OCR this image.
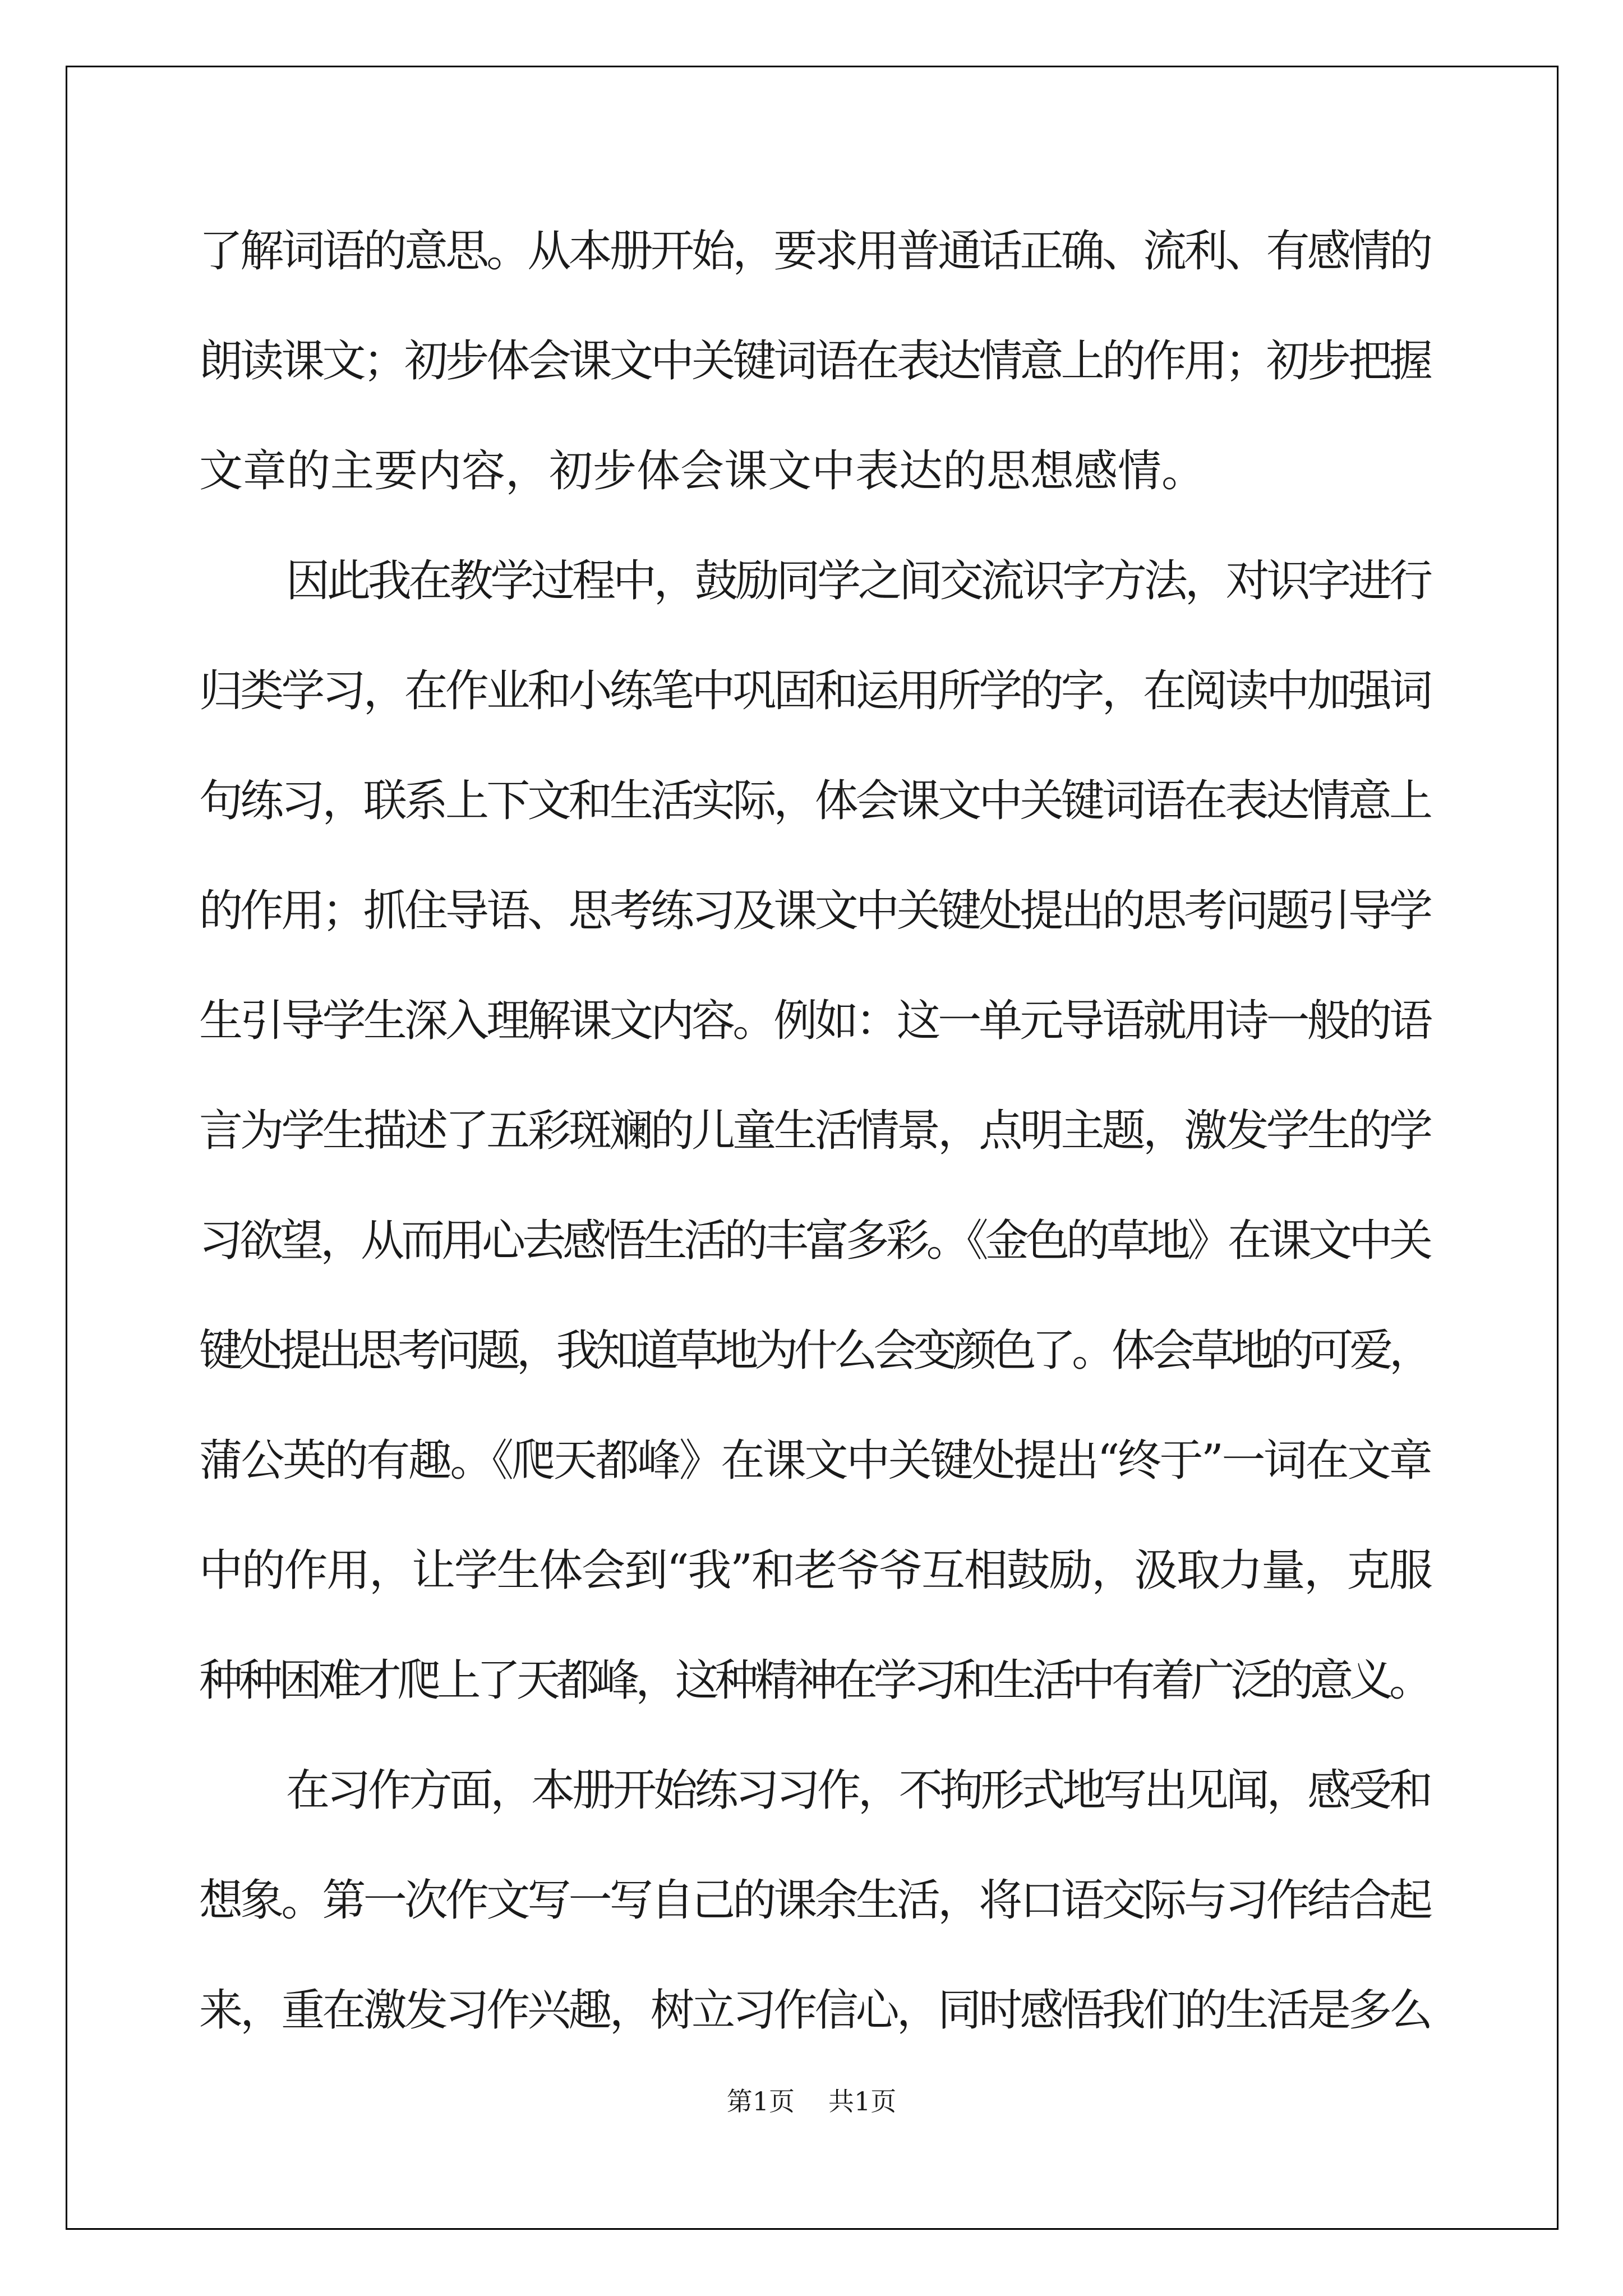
了解词语的意思。从本册开始，要求用普通话正确、流利、有感情的

朗读课文；初步体会课文中关键词语在表达情意上的作用；初步把握

文章的主要内容，初步体会课文中表达的思想感情。

因此我在教学过程中，鼓励同学之间交流识字方法，对识字进行

归类学习，在作业和小练笔中巩固和运用所学的字，在阅读中加强词

句练习，联系上下文和生活实际，体会课文中关键词语在表达情意上

的作用；抓住导语、思考练习及课文中关键处提出的思考问题引导学

生引导学生深入理解课文内容。例如：这一单元导语就用诗一般的语

言为学生描述了五彩斑斓的儿童生活情景，点明主题，激发学生的学

习欲望，从而用心去感悟生活的丰富多彩。《金色的草地》在课文中关

键处提出思考问题，我知道草地为什么会变颜色了。体会草地的可爱，

蒲公英的有趣。《爬天都峰》在课文中关键处提出“终于”一词在文章

中的作用，让学生体会到“我”和老爷爷互相鼓励，汲取力量，克服

种种困难才爬上了天都峰，这种精神在学习和生活中有着广泛的意义。

在习作方面，本册开始练习习作，不拘形式地写出见闻，感受和

想象。第一次作文写一写自己的课余生活，将口语交际与习作结合起

来，重在激发习作兴趣，树立习作信心，同时感悟我们的生活是多么

第1页 共1页
